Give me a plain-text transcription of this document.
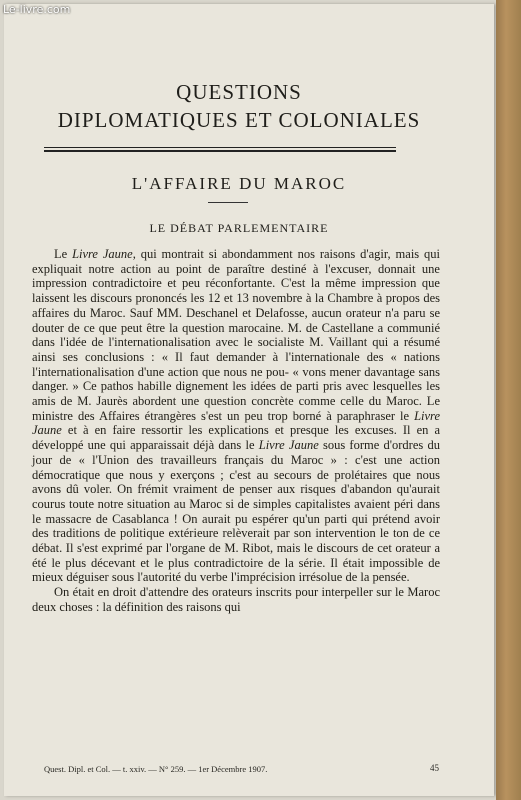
QUESTIONS
DIPLOMATIQUES ET COLONIALES
L'AFFAIRE DU MAROC
LE DÉBAT PARLEMENTAIRE

Le Livre Jaune, qui montrait si abondamment nos raisons d'agir, mais qui expliquait notre action au point de paraître destiné à l'excuser, donnait une impression contradictoire et peu réconfortante. C'est la même impression que laissent les discours prononcés les 12 et 13 novembre à la Chambre à propos des affaires du Maroc. Sauf MM. Deschanel et Delafosse, aucun orateur n'a paru se douter de ce que peut être la question marocaine. M. de Castellane a communié dans l'idée de l'internationalisation avec le socialiste M. Vaillant qui a résumé ainsi ses conclusions : « Il faut demander à l'internationale des « nations l'internationalisation d'une action que nous ne pou- « vons mener davantage sans danger. » Ce pathos habille dignement les idées de parti pris avec lesquelles les amis de M. Jaurès abordent une question concrète comme celle du Maroc. Le ministre des Affaires étrangères s'est un peu trop borné à paraphraser le Livre Jaune et à en faire ressortir les explications et presque les excuses. Il en a développé une qui apparaissait déjà dans le Livre Jaune sous forme d'ordres du jour de « l'Union des travailleurs français du Maroc » : c'est une action démocratique que nous y exerçons ; c'est au secours de prolétaires que nous avons dû voler. On frémit vraiment de penser aux risques d'abandon qu'aurait courus toute notre situation au Maroc si de simples capitalistes avaient péri dans le massacre de Casablanca ! On aurait pu espérer qu'un parti qui prétend avoir des traditions de politique extérieure relèverait par son intervention le ton de ce débat. Il s'est exprimé par l'organe de M. Ribot, mais le discours de cet orateur a été le plus décevant et le plus contradictoire de la série. Il était impossible de mieux déguiser sous l'autorité du verbe l'imprécision irrésolue de la pensée.

On était en droit d'attendre des orateurs inscrits pour interpeller sur le Maroc deux choses : la définition des raisons qui

Quest. Dipl. et Col. — t. xxiv. — N° 259. — 1er Décembre 1907.	45
Le-livre.com
